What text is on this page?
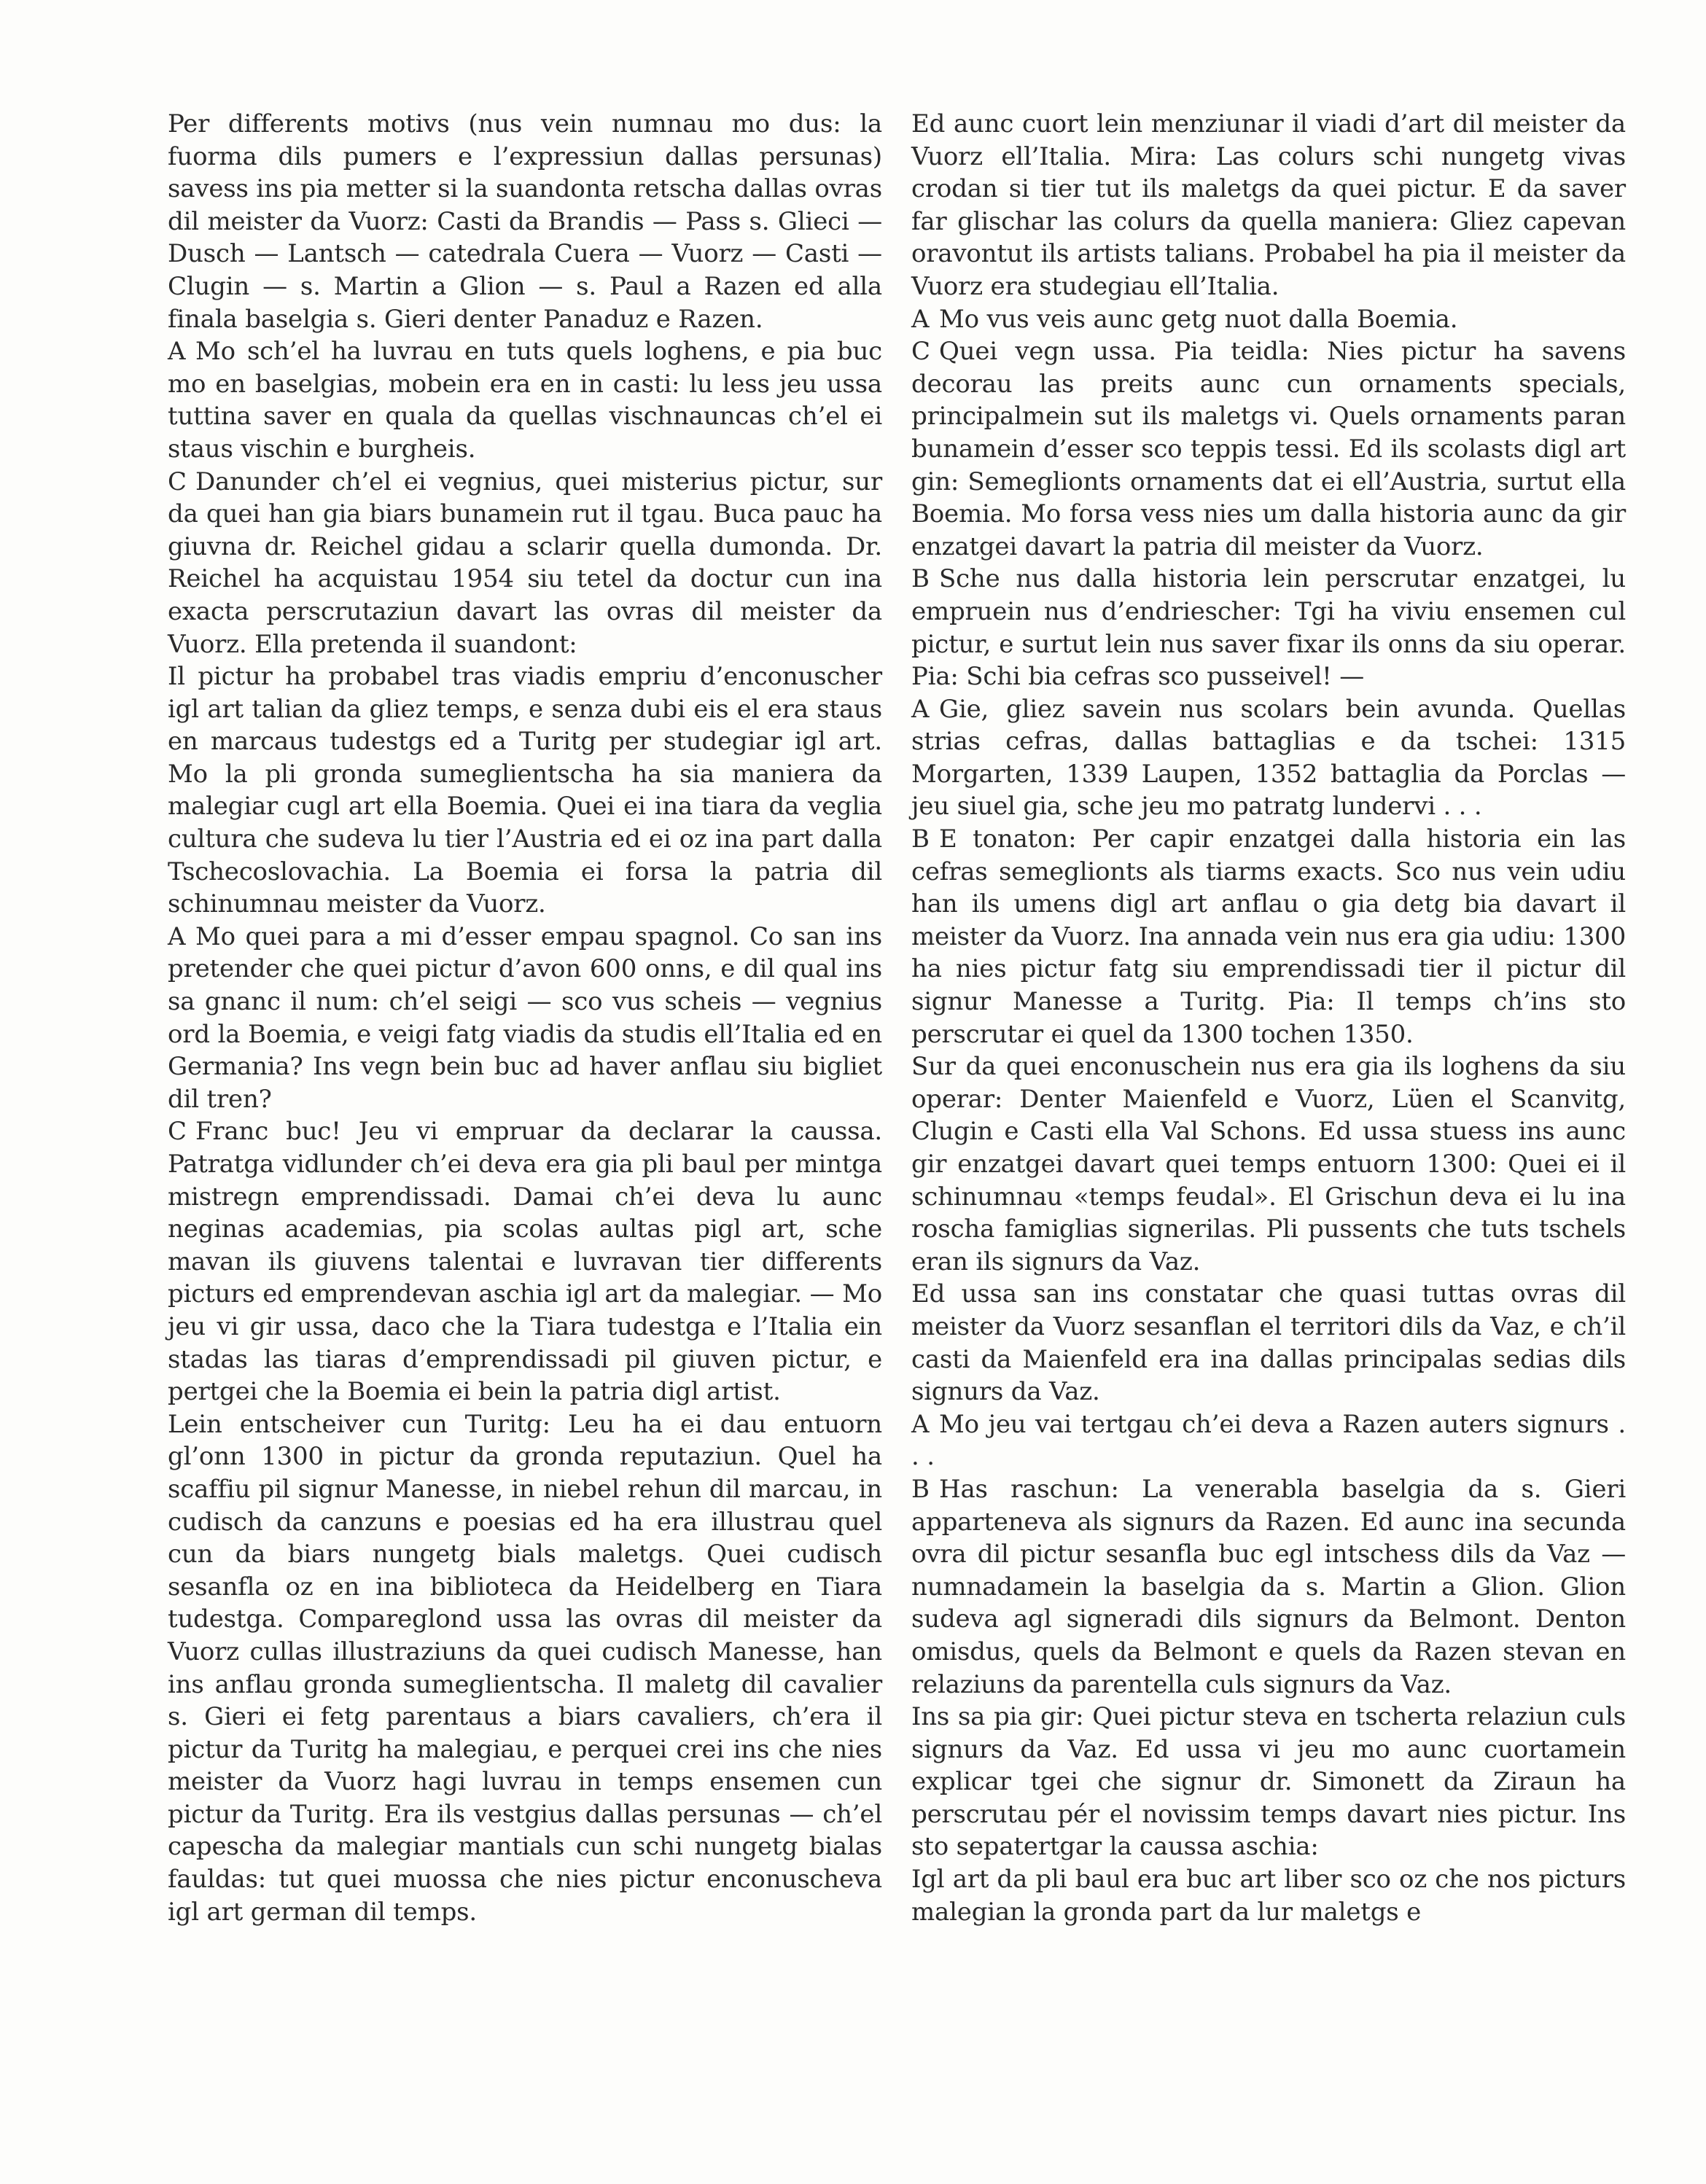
Per differents motivs (nus vein numnau mo dus: la fuorma dils pumers e l’expressiun dallas persunas) savess ins pia metter si la suandonta retscha dallas ovras dil meister da Vuorz: Casti da Brandis — Pass s. Glieci — Dusch — Lantsch — catedrala Cuera — Vuorz — Casti — Clugin — s. Martin a Glion — s. Paul a Razen ed alla finala baselgia s. Gieri denter Panaduz e Razen.

A Mo sch’el ha luvrau en tuts quels loghens, e pia buc mo en baselgias, mobein era en in casti: lu less jeu ussa tuttina saver en quala da quellas vischnauncas ch’el ei staus vischin e burgheis.

C Danunder ch’el ei vegnius, quei misterius pictur, sur da quei han gia biars bunamein rut il tgau. Buca pauc ha giuvna dr. Reichel gidau a sclarir quella dumonda. Dr. Reichel ha acquistau 1954 siu tetel da doctur cun ina exacta perscrutaziun davart las ovras dil meister da Vuorz. Ella pretenda il suandont:

Il pictur ha probabel tras viadis empriu d’enconuscher igl art talian da gliez temps, e senza dubi eis el era staus en marcaus tudestgs ed a Turitg per studegiar igl art. Mo la pli gronda sumeglientscha ha sia maniera da malegiar cugl art ella Boemia. Quei ei ina tiara da veglia cultura che sudeva lu tier l’Austria ed ei oz ina part dalla Tschecoslovachia. La Boemia ei forsa la patria dil schinumnau meister da Vuorz.

A Mo quei para a mi d’esser empau spagnol. Co san ins pretender che quei pictur d’avon 600 onns, e dil qual ins sa gnanc il num: ch’el seigi — sco vus scheis — vegnius ord la Boemia, e veigi fatg viadis da studis ell’Italia ed en Germania? Ins vegn bein buc ad haver anflau siu bigliet dil tren?

C Franc buc! Jeu vi empruar da declarar la caussa. Patratga vidlunder ch’ei deva era gia pli baul per mintga mistregn emprendissadi. Damai ch’ei deva lu aunc neginas academias, pia scolas aultas pigl art, sche mavan ils giuvens talentai e luvravan tier differents picturs ed emprendevan aschia igl art da malegiar. — Mo jeu vi gir ussa, daco che la Tiara tudestga e l’Italia ein stadas las tiaras d’emprendissadi pil giuven pictur, e pertgei che la Boemia ei bein la patria digl artist.

Lein entscheiver cun Turitg: Leu ha ei dau entuorn gl’onn 1300 in pictur da gronda reputaziun. Quel ha scaffiu pil signur Manesse, in niebel rehun dil marcau, in cudisch da canzuns e poesias ed ha era illustrau quel cun da biars nungetg bials maletgs. Quei cudisch sesanfla oz en ina biblioteca da Heidelberg en Tiara tudestga. Compareglond ussa las ovras dil meister da Vuorz cullas illustraziuns da quei cudisch Manesse, han ins anflau gronda sumeglientscha. Il maletg dil cavalier s. Gieri ei fetg parentaus a biars cavaliers, ch’era il pictur da Turitg ha malegiau, e perquei crei ins che nies meister da Vuorz hagi luvrau in temps ensemen cun pictur da Turitg. Era ils vestgius dallas persunas — ch’el capescha da malegiar mantials cun schi nungetg bialas fauldas: tut quei muossa che nies pictur enconuscheva igl art german dil temps.

Ed aunc cuort lein menziunar il viadi d’art dil meister da Vuorz ell’Italia. Mira: Las colurs schi nungetg vivas crodan si tier tut ils maletgs da quei pictur. E da saver far glischar las colurs da quella maniera: Gliez capevan oravontut ils artists talians. Probabel ha pia il meister da Vuorz era studegiau ell’Italia.

A Mo vus veis aunc getg nuot dalla Boemia.

C Quei vegn ussa. Pia teidla: Nies pictur ha savens decorau las preits aunc cun ornaments specials, principalmein sut ils maletgs vi. Quels ornaments paran bunamein d’esser sco teppis tessi. Ed ils scolasts digl art gin: Semeglionts ornaments dat ei ell’Austria, surtut ella Boemia. Mo forsa vess nies um dalla historia aunc da gir enzatgei davart la patria dil meister da Vuorz.

B Sche nus dalla historia lein perscrutar enzatgei, lu empruein nus d’endriescher: Tgi ha viviu ensemen cul pictur, e surtut lein nus saver fixar ils onns da siu operar. Pia: Schi bia cefras sco pusseivel! —

A Gie, gliez savein nus scolars bein avunda. Quellas strias cefras, dallas battaglias e da tschei: 1315 Morgarten, 1339 Laupen, 1352 battaglia da Porclas — jeu siuel gia, sche jeu mo patratg lundervi . . .

B E tonaton: Per capir enzatgei dalla historia ein las cefras semeglionts als tiarms exacts. Sco nus vein udiu han ils umens digl art anflau o gia detg bia davart il meister da Vuorz. Ina annada vein nus era gia udiu: 1300 ha nies pictur fatg siu emprendissadi tier il pictur dil signur Manesse a Turitg. Pia: Il temps ch’ins sto perscrutar ei quel da 1300 tochen 1350.

Sur da quei enconuschein nus era gia ils loghens da siu operar: Denter Maienfeld e Vuorz, Lüen el Scanvitg, Clugin e Casti ella Val Schons. Ed ussa stuess ins aunc gir enzatgei davart quei temps entuorn 1300: Quei ei il schinumnau «temps feudal». El Grischun deva ei lu ina roscha famiglias signerilas. Pli pussents che tuts tschels eran ils signurs da Vaz.

Ed ussa san ins constatar che quasi tuttas ovras dil meister da Vuorz sesanflan el territori dils da Vaz, e ch’il casti da Maienfeld era ina dallas principalas sedias dils signurs da Vaz.

A Mo jeu vai tertgau ch’ei deva a Razen auters signurs . . .

B Has raschun: La venerabla baselgia da s. Gieri appartenevа als signurs da Razen. Ed aunc ina secunda ovra dil pictur sesanfla buc egl intschess dils da Vaz — numnadamein la baselgia da s. Martin a Glion. Glion sudeva agl signeradi dils signurs da Belmont. Denton omisdus, quels da Belmont e quels da Razen stevan en relaziuns da parentella culs signurs da Vaz.

Ins sa pia gir: Quei pictur steva en tscherta relaziun culs signurs da Vaz. Ed ussa vi jeu mo aunc cuortamein explicar tgei che signur dr. Simonett da Ziraun ha perscrutau pér el novissim temps davart nies pictur. Ins sto sepatertgar la caussa aschia:

Igl art da pli baul era buc art liber sco oz che nos picturs malegian la gronda part da lur maletgs e
